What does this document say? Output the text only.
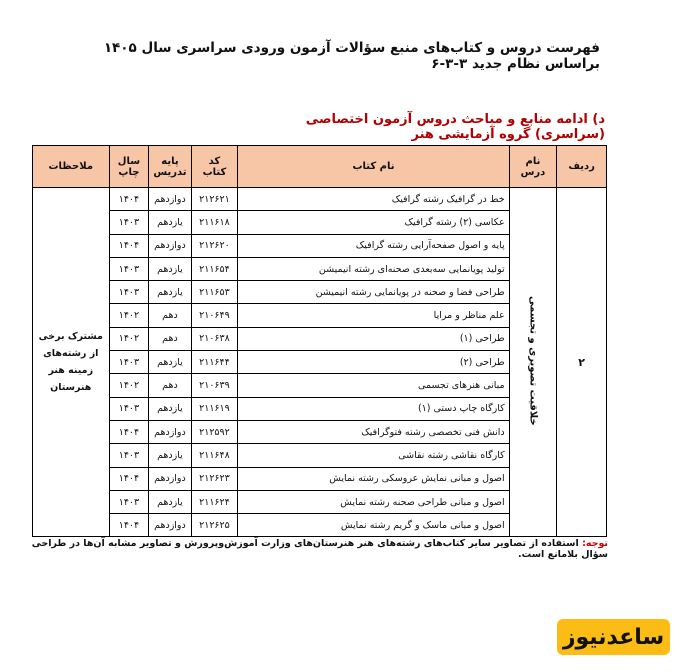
فهرست دروس و کتاب‌های منبع سؤالات آزمون ورودی سراسری سال ۱۴۰۵ براساس نظام جدید ۳-۳-۶
د) ادامه منابع و مباحث دروس آزمون اختصاصی (سراسری) گروه آزمایشی هنر
ردیف	نام درس	نام کتاب	کد کتاب	پایه تدریس	سال چاپ	ملاحظات
۲	خلاقیت تصویری و تجسمی	خط در گرافیک رشته گرافیک	۲۱۲۶۲۱	دوازدهم	۱۴۰۴	مشترک برخی از رشته‌های زمینه هنر هنرستان
		عکاسی (۲) رشته گرافیک	۲۱۱۶۱۸	یازدهم	۱۴۰۳	
		پایه و اصول صفحه‌آرایی رشته گرافیک	۲۱۲۶۲۰	دوازدهم	۱۴۰۴	
		تولید پویانمایی سه‌بعدی صحنه‌ای رشته انیمیشن	۲۱۱۶۵۴	یازدهم	۱۴۰۳	
		طراحی فضا و صحنه در پویانمایی رشته انیمیشن	۲۱۱۶۵۳	یازدهم	۱۴۰۳	
		علم مناظر و مرایا	۲۱۰۶۴۹	دهم	۱۴۰۲	
		طراحی (۱)	۲۱۰۶۳۸	دهم	۱۴۰۲	
		طراحی (۲)	۲۱۱۶۴۴	یازدهم	۱۴۰۳	
		مبانی هنرهای تجسمی	۲۱۰۶۳۹	دهم	۱۴۰۲	
		کارگاه چاپ دستی (۱)	۲۱۱۶۱۹	یازدهم	۱۴۰۳	
		دانش فنی تخصصی رشته فتوگرافیک	۲۱۲۵۹۲	دوازدهم	۱۴۰۴	
		کارگاه نقاشی رشته نقاشی	۲۱۱۶۴۸	یازدهم	۱۴۰۳	
		اصول و مبانی نمایش عروسکی رشته نمایش	۲۱۲۶۲۳	دوازدهم	۱۴۰۴	
		اصول و مبانی طراحی صحنه رشته نمایش	۲۱۱۶۲۴	یازدهم	۱۴۰۳	
		اصول و مبانی ماسک و گریم رشته نمایش	۲۱۲۶۲۵	دوازدهم	۱۴۰۴	
توجه: استفاده از تصاویر سایر کتاب‌های رشته‌های هنر هنرستان‌های وزارت آموزش‌وپرورش و تصاویر مشابه آن‌ها در طراحی سؤال بلامانع است.
ساعدنیوز
